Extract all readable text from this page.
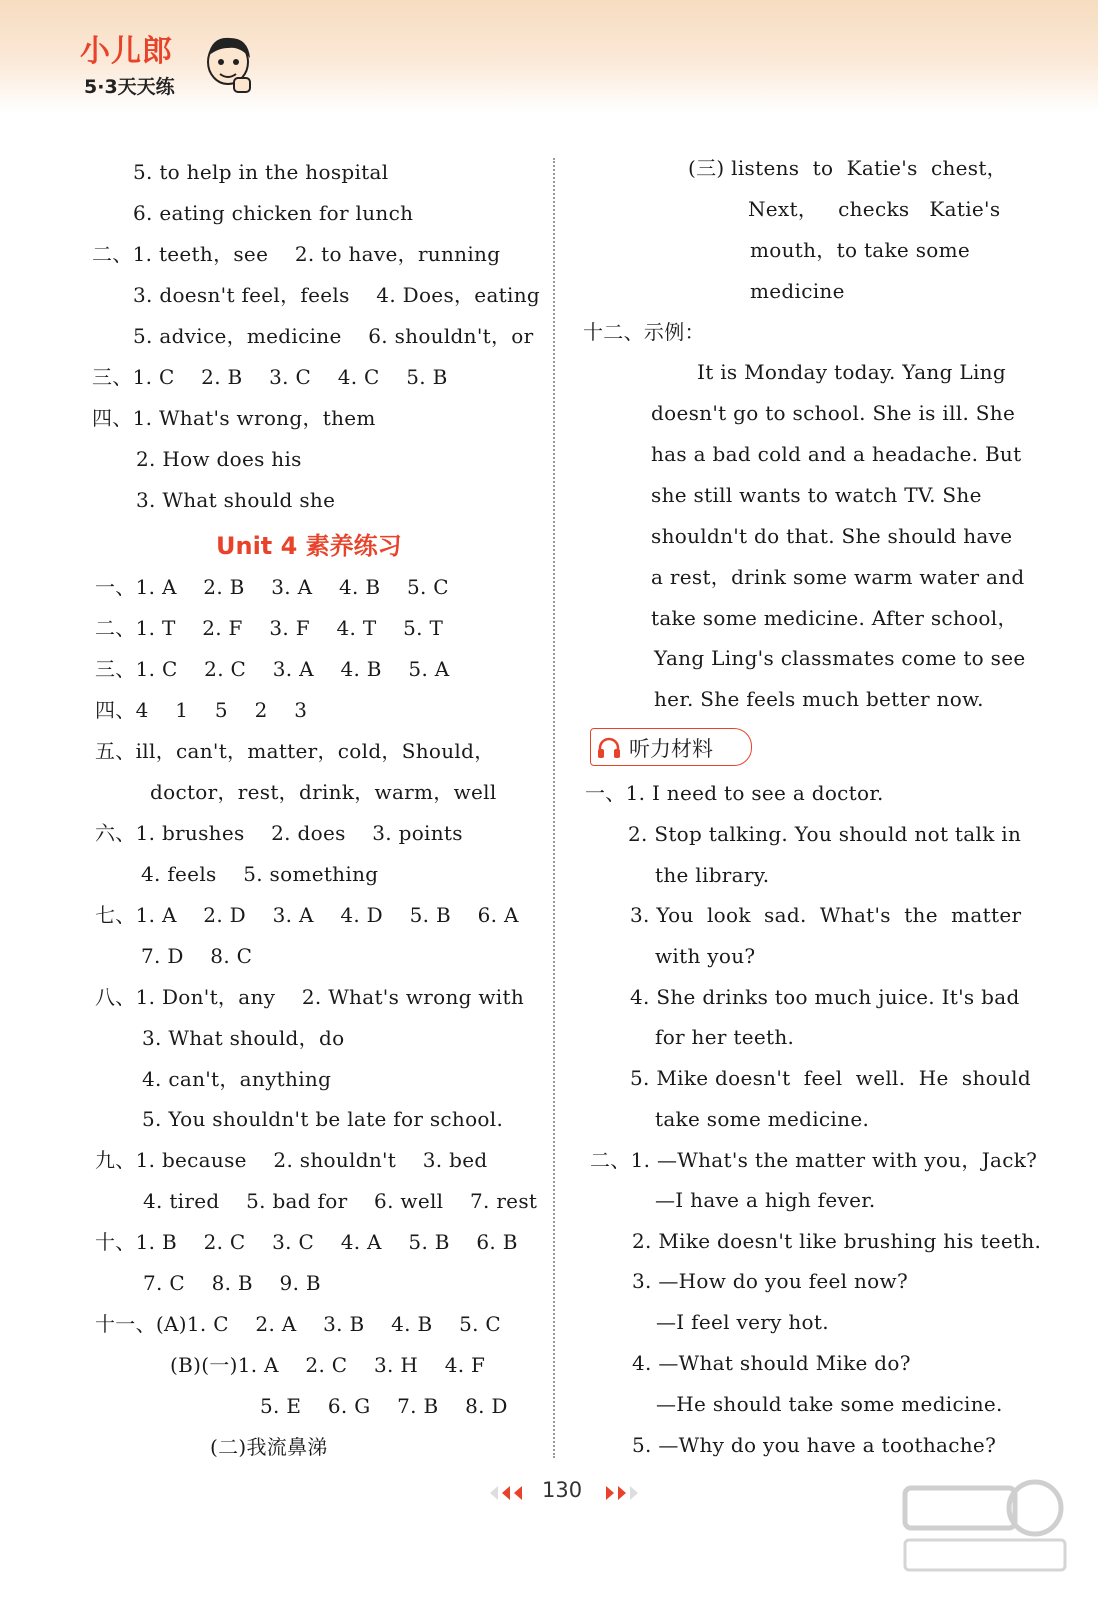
小儿郎
5·3天天练
5. to help in the hospital
6. eating chicken for lunch
二、1. teeth，see    2. to have，running
3. doesn't feel，feels    4. Does，eating
5. advice，medicine    6. shouldn't，or
三、1. C    2. B    3. C    4. C    5. B
四、1. What's wrong，them
2. How does his
3. What should she
一、1. A    2. B    3. A    4. B    5. C
二、1. T    2. F    3. F    4. T    5. T
三、1. C    2. C    3. A    4. B    5. A
四、4    1    5    2    3
五、ill，can't，matter，cold，Should，
doctor，rest，drink，warm，well
六、1. brushes    2. does    3. points
4. feels    5. something
七、1. A    2. D    3. A    4. D    5. B    6. A
7. D    8. C
八、1. Don't，any    2. What's wrong with
3. What should，do
4. can't，anything
5. You shouldn't be late for school.
九、1. because    2. shouldn't    3. bed
4. tired    5. bad for    6. well    7. rest
十、1. B    2. C    3. C    4. A    5. B    6. B
7. C    8. B    9. B
十一、(A)1. C    2. A    3. B    4. B    5. C
(B)(一)1. A    2. C    3. H    4. F
5. E    6. G    7. B    8. D
(二)我流鼻涕
Unit 4 素养练习
(三) listens  to  Katie's  chest，
Next，   checks   Katie's
mouth，to take some
medicine
十二、示例：
It is Monday today. Yang Ling
doesn't go to school. She is ill. She
has a bad cold and a headache. But
she still wants to watch TV. She
shouldn't do that. She should have
a rest，drink some warm water and
take some medicine. After school，
Yang Ling's classmates come to see
her. She feels much better now.
一、1. I need to see a doctor.
2. Stop talking. You should not talk in
the library.
3. You  look  sad.  What's  the  matter
with you?
4. She drinks too much juice. It's bad
for her teeth.
5. Mike doesn't  feel  well.  He  should
take some medicine.
二、1. —What's the matter with you，Jack?
—I have a high fever.
2. Mike doesn't like brushing his teeth.
3. —How do you feel now?
—I feel very hot.
4. —What should Mike do?
—He should take some medicine.
5. —Why do you have a toothache?
听力材料
130
